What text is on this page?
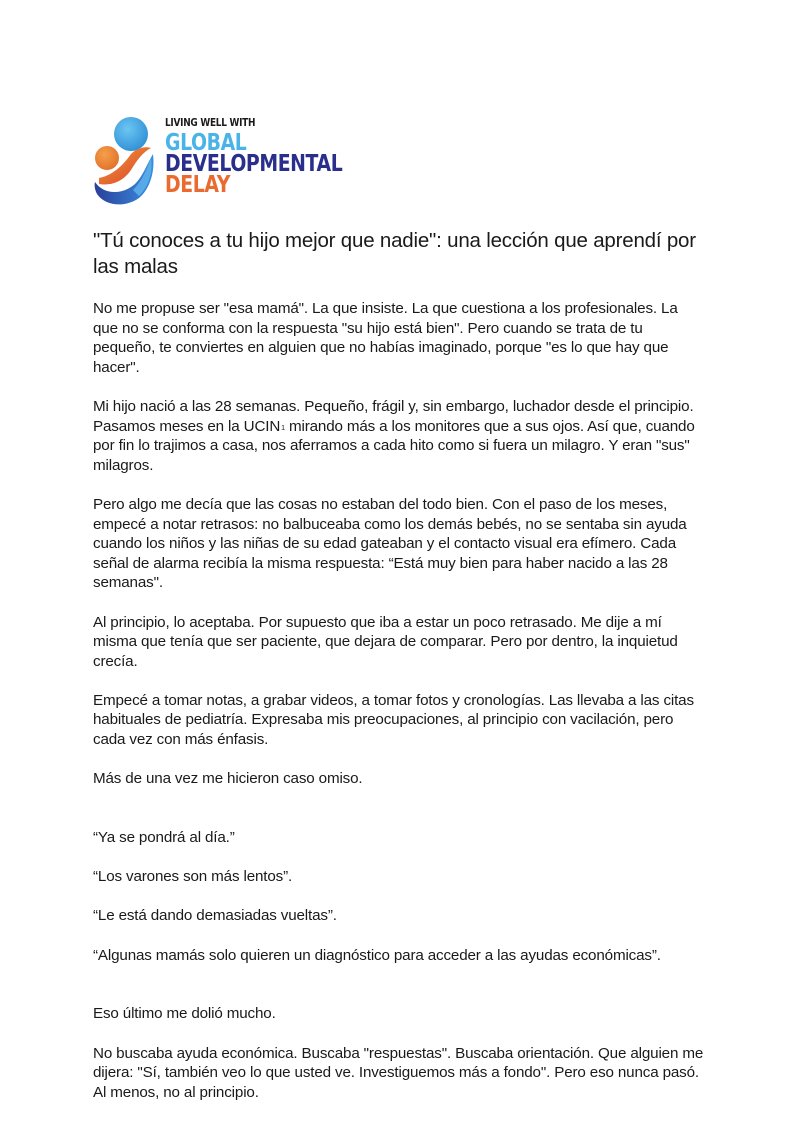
LIVING WELL WITH
GLOBAL
DEVELOPMENTAL
DELAY
"Tú conoces a tu hijo mejor que nadie": una lección que aprendí por las malas

No me propuse ser "esa mamá". La que insiste. La que cuestiona a los profesionales. La que no se conforma con la respuesta "su hijo está bien". Pero cuando se trata de tu pequeño, te conviertes en alguien que no habías imaginado, porque "es lo que hay que hacer".

Mi hijo nació a las 28 semanas. Pequeño, frágil y, sin embargo, luchador desde el principio. Pasamos meses en la UCIN$^1$ mirando más a los monitores que a sus ojos. Así que, cuando por fin lo trajimos a casa, nos aferramos a cada hito como si fuera un milagro. Y eran "sus" milagros.

Pero algo me decía que las cosas no estaban del todo bien. Con el paso de los meses, empecé a notar retrasos: no balbuceaba como los demás bebés, no se sentaba sin ayuda cuando los niños y las niñas de su edad gateaban y el contacto visual era efímero. Cada señal de alarma recibía la misma respuesta: “Está muy bien para haber nacido a las 28 semanas".

Al principio, lo aceptaba. Por supuesto que iba a estar un poco retrasado. Me dije a mí misma que tenía que ser paciente, que dejara de comparar. Pero por dentro, la inquietud crecía.

Empecé a tomar notas, a grabar videos, a tomar fotos y cronologías. Las llevaba a las citas habituales de pediatría. Expresaba mis preocupaciones, al principio con vacilación, pero cada vez con más énfasis.

Más de una vez me hicieron caso omiso.

“Ya se pondrá al día.”

“Los varones son más lentos”.

“Le está dando demasiadas vueltas”.

“Algunas mamás solo quieren un diagnóstico para acceder a las ayudas económicas”.

Eso último me dolió mucho.

No buscaba ayuda económica. Buscaba "respuestas". Buscaba orientación. Que alguien me dijera: "Sí, también veo lo que usted ve. Investiguemos más a fondo". Pero eso nunca pasó. Al menos, no al principio.
